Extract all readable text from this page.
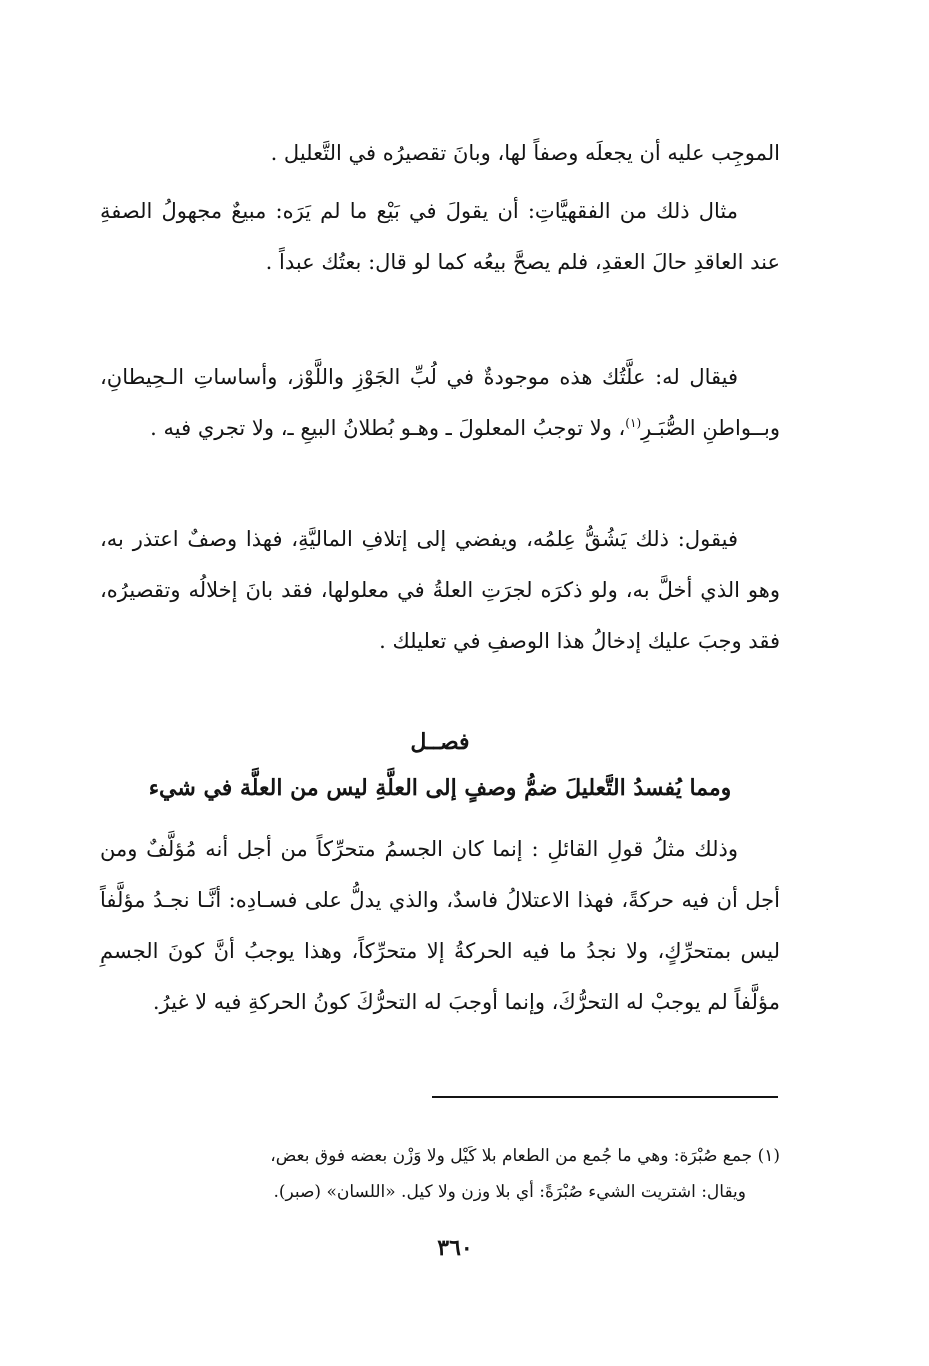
الموجِب عليه أن يجعلَه وصفاً لها، وبانَ تقصيرُه في التَّعليل .
مثال ذلك من الفقهيَّاتِ: أن يقولَ في بَيْع ما لم يَرَه: مبيعٌ مجهولُ الصفةِ عند العاقدِ حالَ العقدِ، فلم يصحَّ بيعُه كما لو قال: بعتُك عبداً .
فيقال له: علَّتُك هذه موجودةٌ في لُبِّ الجَوْزِ واللَّوْز، وأساساتِ الـحِيطانِ، وبــواطنِ الصُّبَـرِ$^{(١)}$، ولا توجبُ المعلولَ ـ وهـو بُطلانُ البيعِ ـ، ولا تجري فيه .
فيقول: ذلك يَشُقُّ عِلمُه، ويفضي إلى إتلافِ الماليَّةِ، فهذا وصفٌ اعتذر به، وهو الذي أخلَّ به، ولو ذكرَه لجرَتِ العلةُ في معلولها، فقد بانَ إخلالُه وتقصيرُه، فقد وجبَ عليك إدخالُ هذا الوصفِ في تعليلك .
فصــل
ومما يُفسدُ التَّعليلَ ضمُّ وصفٍ إلى العلَّةِ ليس من العلَّة في شيء
وذلك مثلُ قولِ القائلِ : إنما كان الجسمُ متحرِّكاً من أجل أنه مُؤلَّفٌ ومن أجل أن فيه حركةً، فهذا الاعتلالُ فاسدٌ، والذي يدلُّ على فسـادِه: أنَّـا نجـدُ مؤلَّفاً ليس بمتحرِّكٍ، ولا نجدُ ما فيه الحركةُ إلا متحرِّكاً، وهذا يوجبُ أنَّ كونَ الجسمِ مؤلَّفاً لم يوجبْ له التحرُّكَ، وإنما أوجبَ له التحرُّكَ كونُ الحركةِ فيه لا غيرُ.
(١) جمع صُبْرَة: وهي ما جُمع من الطعام بلا كَيْل ولا وَزْن بعضه فوق بعض،
ويقال: اشتريت الشيء صُبْرَةً: أي بلا وزن ولا كيل. «اللسان» (صبر).
٣٦٠
